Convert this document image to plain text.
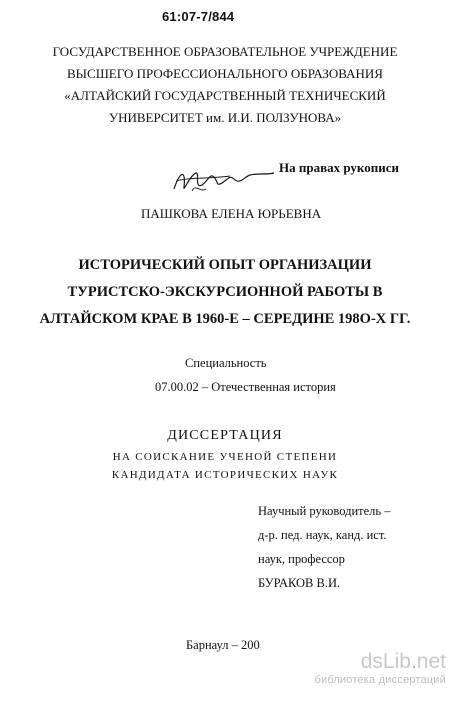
61:07-7/844
ГОСУДАРСТВЕННОЕ ОБРАЗОВАТЕЛЬНОЕ УЧРЕЖДЕНИЕ
ВЫСШЕГО ПРОФЕССИОНАЛЬНОГО ОБРАЗОВАНИЯ
«АЛТАЙСКИЙ ГОСУДАРСТВЕННЫЙ ТЕХНИЧЕСКИЙ
УНИВЕРСИТЕТ им. И.И. ПОЛЗУНОВА»
На правах рукописи
ПАШКОВА ЕЛЕНА ЮРЬЕВНА
ИСТОРИЧЕСКИЙ ОПЫТ ОРГАНИЗАЦИИ
ТУРИСТСКО-ЭКСКУРСИОННОЙ РАБОТЫ В
АЛТАЙСКОМ КРАЕ В 1960-Е – СЕРЕДИНЕ 198О-Х ГГ.
Специальность
07.00.02 – Отечественная история
ДИССЕРТАЦИЯ
НА СОИСКАНИЕ УЧЕНОЙ СТЕПЕНИ
КАНДИДАТА ИСТОРИЧЕСКИХ НАУК
Научный руководитель –
д-р. пед. наук, канд. ист.
наук, профессор
БУРАКОВ В.И.
Барнаул – 200
dsLib.net
библиотека диссертаций
